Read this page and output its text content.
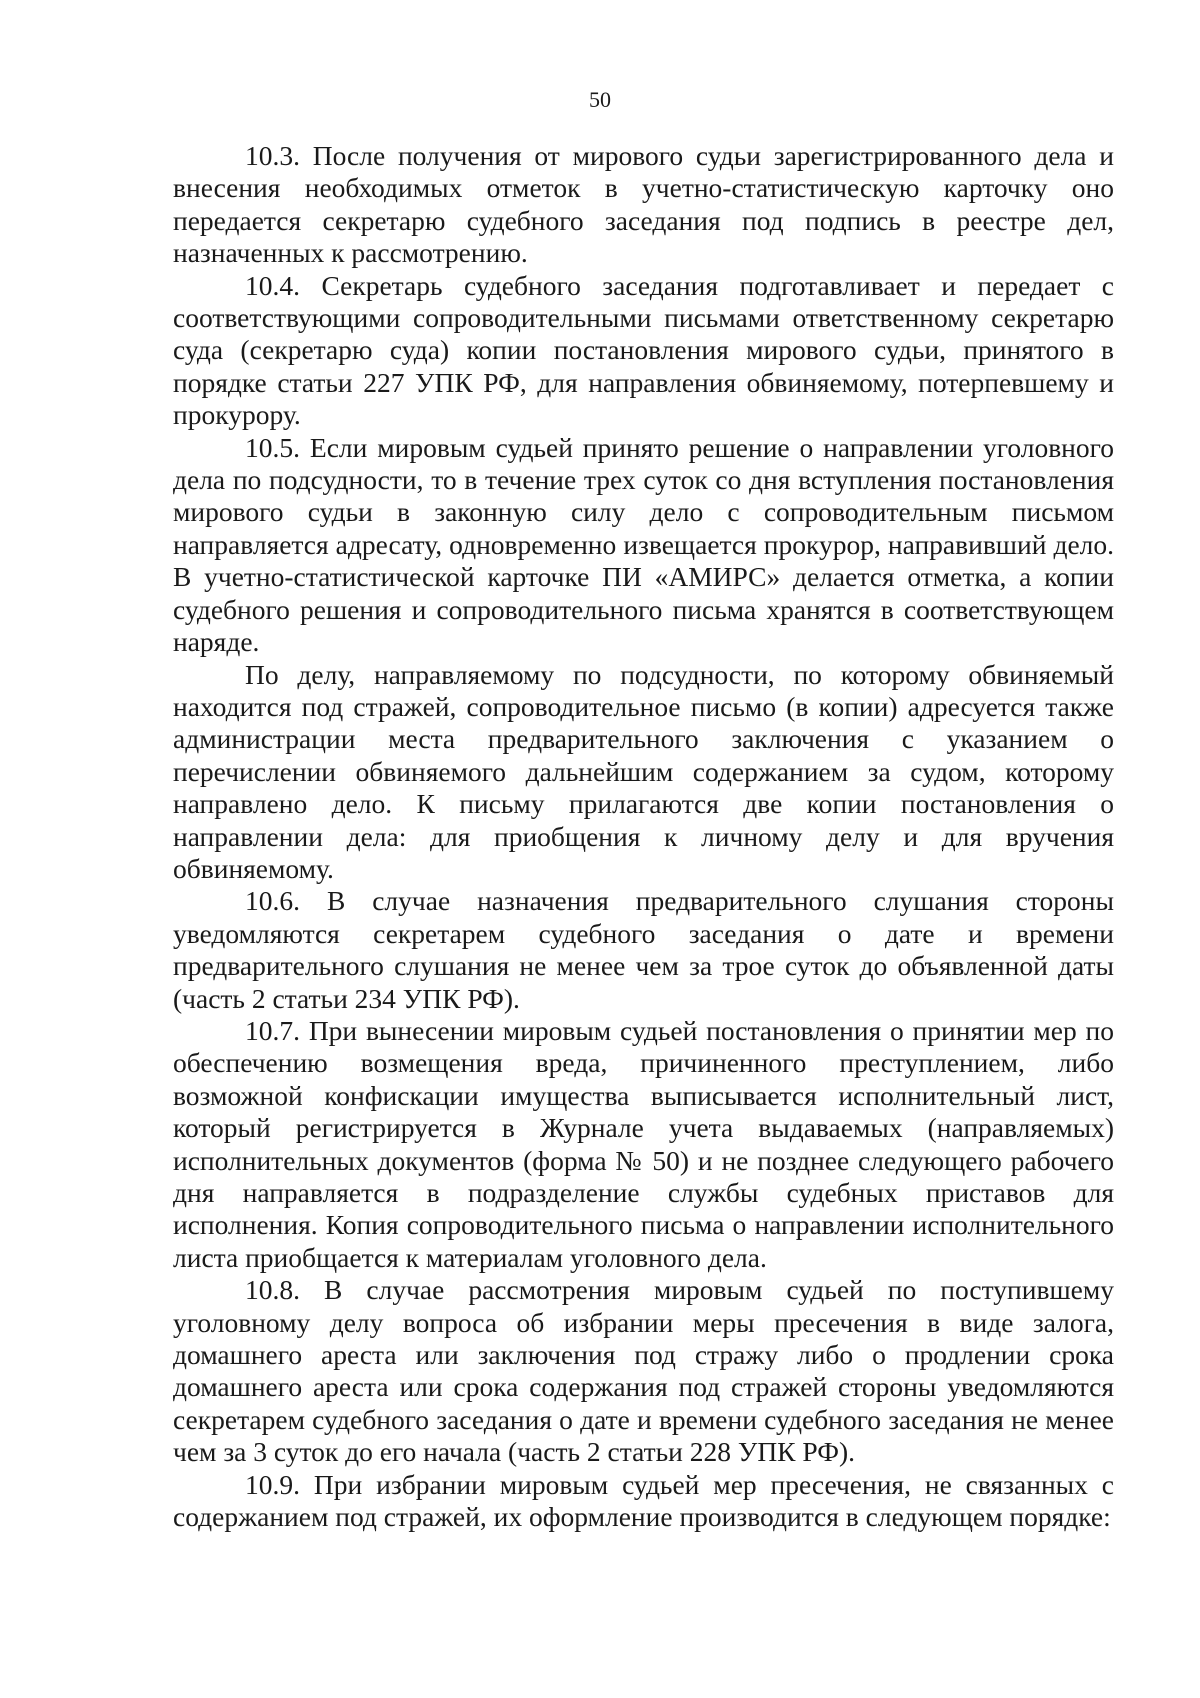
50

10.3. После получения от мирового судьи зарегистрированного дела и внесения необходимых отметок в учетно-статистическую карточку оно передается секретарю судебного заседания под подпись в реестре дел, назначенных к рассмотрению.

10.4. Секретарь судебного заседания подготавливает и передает с соответствующими сопроводительными письмами ответственному секретарю суда (секретарю суда) копии постановления мирового судьи, принятого в порядке статьи 227 УПК РФ, для направления обвиняемому, потерпевшему и прокурору.

10.5. Если мировым судьей принято решение о направлении уголовного дела по подсудности, то в течение трех суток со дня вступления постановления мирового судьи в законную силу дело с сопроводительным письмом направляется адресату, одновременно извещается прокурор, направивший дело. В учетно-статистической карточке ПИ «АМИРС» делается отметка, а копии судебного решения и сопроводительного письма хранятся в соответствующем наряде.

По делу, направляемому по подсудности, по которому обвиняемый находится под стражей, сопроводительное письмо (в копии) адресуется также администрации места предварительного заключения с указанием о перечислении обвиняемого дальнейшим содержанием за судом, которому направлено дело. К письму прилагаются две копии постановления о направлении дела: для приобщения к личному делу и для вручения обвиняемому.

10.6. В случае назначения предварительного слушания стороны уведомляются секретарем судебного заседания о дате и времени предварительного слушания не менее чем за трое суток до объявленной даты (часть 2 статьи 234 УПК РФ).

10.7. При вынесении мировым судьей постановления о принятии мер по обеспечению возмещения вреда, причиненного преступлением, либо возможной конфискации имущества выписывается исполнительный лист, который регистрируется в Журнале учета выдаваемых (направляемых) исполнительных документов (форма № 50) и не позднее следующего рабочего дня направляется в подразделение службы судебных приставов для исполнения. Копия сопроводительного письма о направлении исполнительного листа приобщается к материалам уголовного дела.

10.8. В случае рассмотрения мировым судьей по поступившему уголовному делу вопроса об избрании меры пресечения в виде залога, домашнего ареста или заключения под стражу либо о продлении срока домашнего ареста или срока содержания под стражей стороны уведомляются секретарем судебного заседания о дате и времени судебного заседания не менее чем за 3 суток до его начала (часть 2 статьи 228 УПК РФ).

10.9. При избрании мировым судьей мер пресечения, не связанных с содержанием под стражей, их оформление производится в следующем порядке:
